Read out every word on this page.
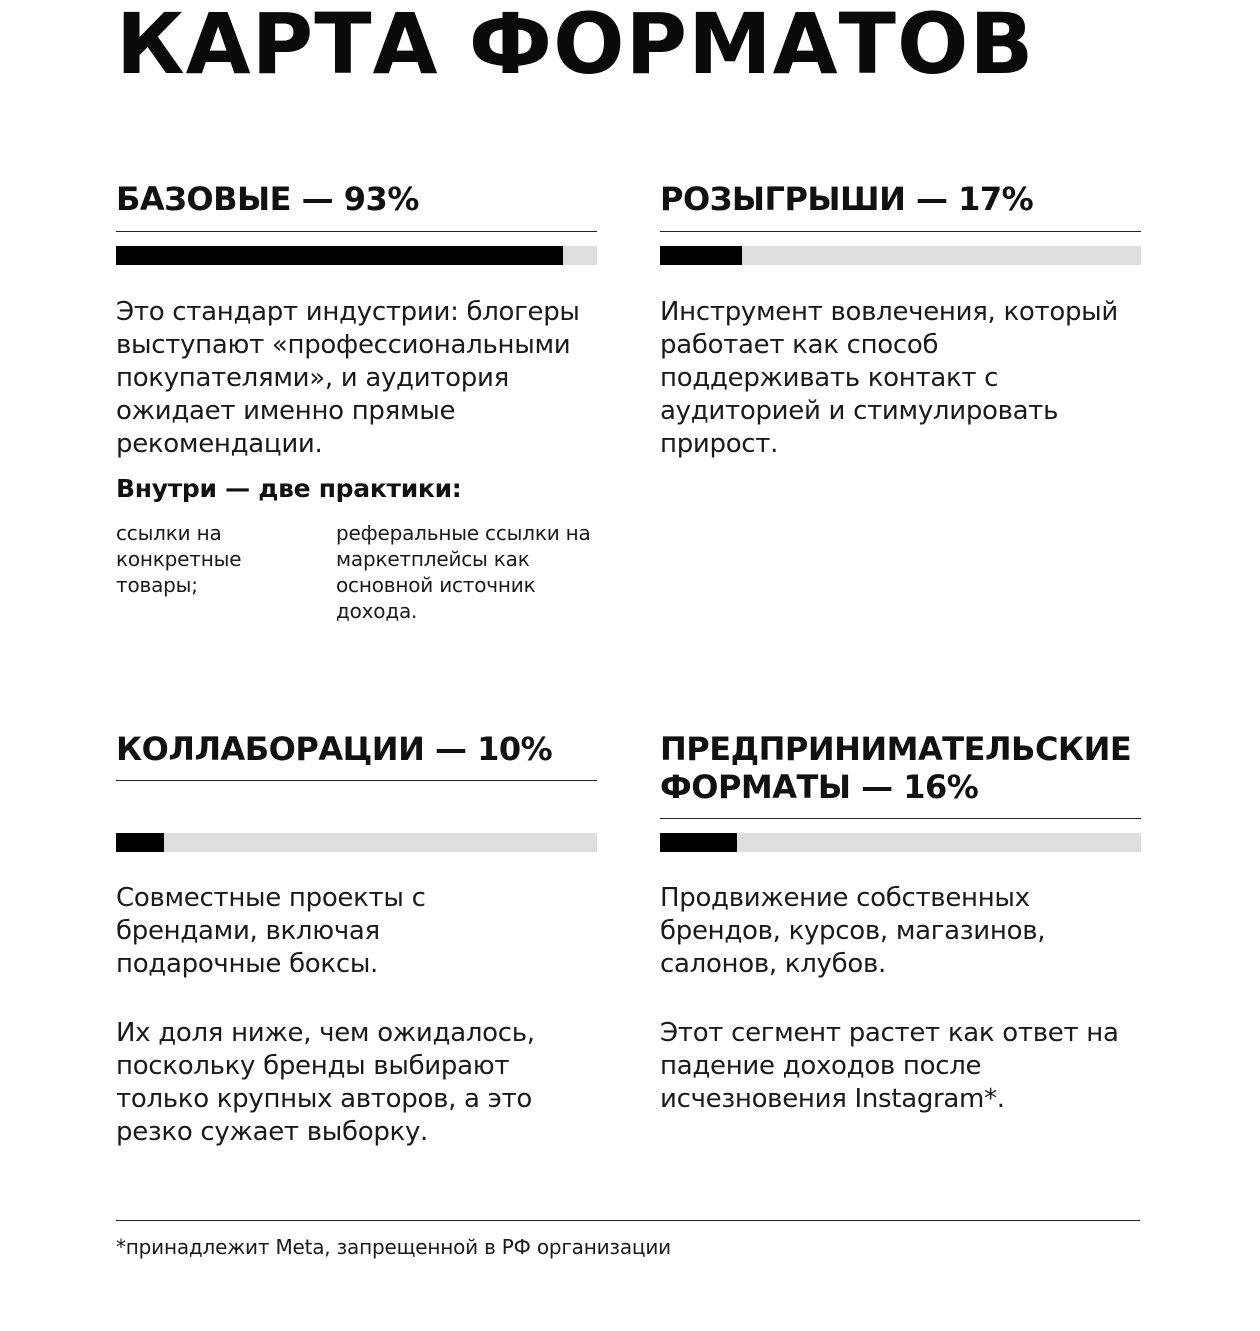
КАРТА ФОРМАТОВ
БАЗОВЫЕ — 93%

Это стандарт индустрии: блогеры выступают «профессиональными покупателями», и аудитория ожидает именно прямые рекомендации.

Внутри — две практики:

ссылки на конкретные товары;

реферальные ссылки на маркетплейсы как основной источник дохода.

РОЗЫГРЫШИ — 17%

Инструмент вовлечения, который работает как способ поддерживать контакт с аудиторией и стимулировать прирост.

КОЛЛАБОРАЦИИ — 10%

Совместные проекты с брендами, включая подарочные боксы.

Их доля ниже, чем ожидалось, поскольку бренды выбирают только крупных авторов, а это резко сужает выборку.

ПРЕДПРИНИМАТЕЛЬСКИЕ ФОРМАТЫ — 16%

Продвижение собственных брендов, курсов, магазинов, салонов, клубов.

Этот сегмент растет как ответ на падение доходов после исчезновения Instagram*.

*принадлежит Meta, запрещенной в РФ организации
